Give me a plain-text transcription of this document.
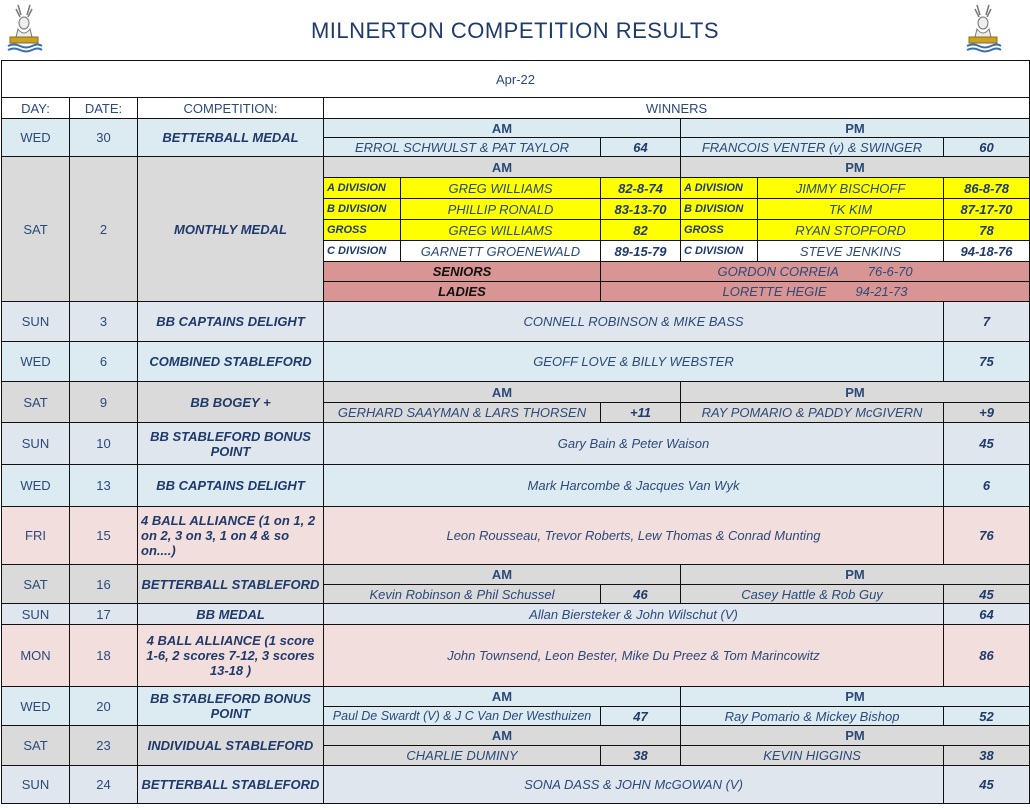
MILNERTON COMPETITION RESULTS
Apr-22								
DAY:	DATE:	COMPETITION:	WINNERS					
WED	30	BETTERBALL MEDAL	AM			PM		
			ERROL SCHWULST & PAT TAYLOR		64	FRANCOIS VENTER (v) & SWINGER		60
SAT	2	MONTHLY MEDAL	AM			PM		
			A DIVISION	GREG WILLIAMS	82-8-74	A DIVISION	JIMMY BISCHOFF	86-8-78
			B DIVISION	PHILLIP RONALD	83-13-70	B DIVISION	TK KIM	87-17-70
			GROSS	GREG WILLIAMS	82	GROSS	RYAN STOPFORD	78
			C DIVISION	GARNETT GROENEWALD	89-15-79	C DIVISION	STEVE JENKINS	94-18-76
			SENIORS		GORDON CORREIA 76-6-70			
			LADIES		LORETTE HEGIE 94-21-73			
SUN	3	BB CAPTAINS DELIGHT	CONNELL ROBINSON & MIKE BASS					7
WED	6	COMBINED STABLEFORD	GEOFF LOVE & BILLY WEBSTER					75
SAT	9	BB BOGEY +	AM			PM		
			GERHARD SAAYMAN & LARS THORSEN		+11	RAY POMARIO & PADDY McGIVERN		+9
SUN	10	BB STABLEFORD BONUS POINT	Gary Bain & Peter Waison					45
WED	13	BB CAPTAINS DELIGHT	Mark Harcombe & Jacques Van Wyk					6
FRI	15	4 BALL ALLIANCE (1 on 1, 2 on 2, 3 on 3, 1 on 4 & so on....)	Leon Rousseau, Trevor Roberts, Lew Thomas & Conrad Munting					76
SAT	16	BETTERBALL STABLEFORD	AM			PM		
			Kevin Robinson & Phil Schussel		46	Casey Hattle & Rob Guy		45
SUN	17	BB MEDAL	Allan Biersteker & John Wilschut (V)					64
MON	18	4 BALL ALLIANCE (1 score 1-6, 2 scores 7-12, 3 scores 13-18 )	John Townsend, Leon Bester, Mike Du Preez & Tom Marincowitz					86
WED	20	BB STABLEFORD BONUS POINT	AM			PM		
			Paul De Swardt (V) & J C Van Der Westhuizen		47	Ray Pomario & Mickey Bishop		52
SAT	23	INDIVIDUAL STABLEFORD	AM			PM		
			CHARLIE DUMINY		38	KEVIN HIGGINS		38
SUN	24	BETTERBALL STABLEFORD	SONA DASS & JOHN McGOWAN (V)					45
